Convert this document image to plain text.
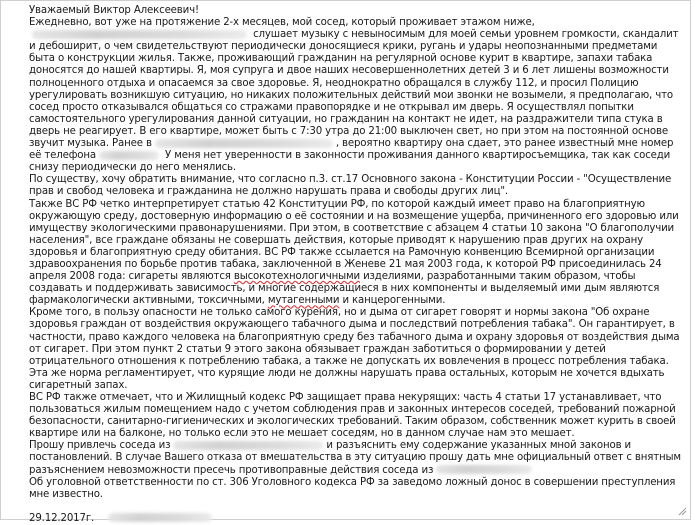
Уважаемый Виктор Алексеевич!

Ежедневно, вот уже на протяжение 2-х месяцев, мой сосед, который проживает этажом ниже, слушает музыку с невыносимым для моей семьи уровнем громкости, скандалит и дебоширит, о чем свидетельствуют периодически доносящиеся крики, ругань и удары неопознанными предметами быта о конструкции жилья. Также, проживающий гражданин на регулярной основе курит в квартире, запахи табака доносятся до нашей квартиры. Я, моя супруга и двое наших несовершеннолетних детей 3 и 6 лет лишены возможности полноценного отдыха и опасаемся за свое здоровье. Я, неоднократно обращался в службу 112, и просил Полицию урегулировать возникшую ситуацию, но никаких положительных действий мои звонки не возымели, я предполагаю, что сосед просто отказывался общаться со стражами правопорядке и не открывал им дверь. Я осуществлял попытки самостоятельного урегулирования данной ситуации, но гражданин на контакт не идет, на раздражители типа стука в дверь не реагирует. В его квартире, может быть с 7:30 утра до 21:00 выключен свет, но при этом на постоянной основе звучит музыка. Ранее в	, вероятно квартиру она сдает, это ранее известный мне номер её телефона	У меня нет уверенности в законности проживания данного квартиросъемщика, так как соседи снизу периодически до него менялись.

По существу, хочу обратить внимание, что согласно п.3. ст.17 Основного закона - Конституции России - "Осуществление прав и свобод человека и гражданина не должно нарушать права и свободы других лиц".

Также ВС РФ четко интерпретирует статью 42 Конституции РФ, по которой каждый имеет право на благоприятную окружающую среду, достоверную информацию о её состоянии и на возмещение ущерба, причиненного его здоровью или имуществу экологическими правонарушениями. При этом, в соответствие с абзацем 4 статьи 10 закона "О благополучии населения", все граждане обязаны не совершать действия, которые приводят к нарушению прав других на охрану здоровья и благоприятную среду обитания. ВС РФ также ссылается на Рамочную конвенцию Всемирной организации здравоохранения по борьбе против табака, заключенной в Женеве 21 мая 2003 года, к которой РФ присоединилась 24 апреля 2008 года: сигареты являются высокотехнологичными изделиями, разработанными таким образом, чтобы создавать и поддерживать зависимость, и многие содержащиеся в них компоненты и выделяемый ими дым являются фармакологически активными, токсичными, мутагенными и канцерогенными.

Кроме того, в пользу опасности не только самого курения, но и дыма от сигарет говорят и нормы закона "Об охране здоровья граждан от воздействия окружающего табачного дыма и последствий потребления табака". Он гарантирует, в частности, право каждого человека на благоприятную среду без табачного дыма и охрану здоровья от воздействия дыма от сигарет. При этом пункт 2 статьи 9 этого закона обязывает граждан заботиться о формировании у детей отрицательного отношения к потреблению табака, а также не допускать их вовлечения в процесс потребления табака. Эта же норма регламентирует, что курящие люди не должны нарушать права остальных, которым не хочется вдыхать сигаретный запах.

ВС РФ также отмечает, что и Жилищный кодекс РФ защищает права некурящих: часть 4 статьи 17 устанавливает, что пользоваться жилым помещением надо с учетом соблюдения прав и законных интересов соседей, требований пожарной безопасности, санитарно-гигиенических и экологических требований. Таким образом, собственник может курить в своей квартире или на балконе, но только если это не мешает соседям, но в данном случае нам это мешает.

Прошу привлечь соседа из	и разъяснить ему содержание указанных мной законов и постановлений. В случае Вашего отказа от вмешательства в эту ситуацию прошу дать мне официальный ответ с внятным разъяснением невозможности пресечь противоправные действия соседа из

Об уголовной ответственности по ст. 306 Уголовного кодекса РФ за заведомо ложный донос в совершении преступления мне известно.

29.12.2017г.
